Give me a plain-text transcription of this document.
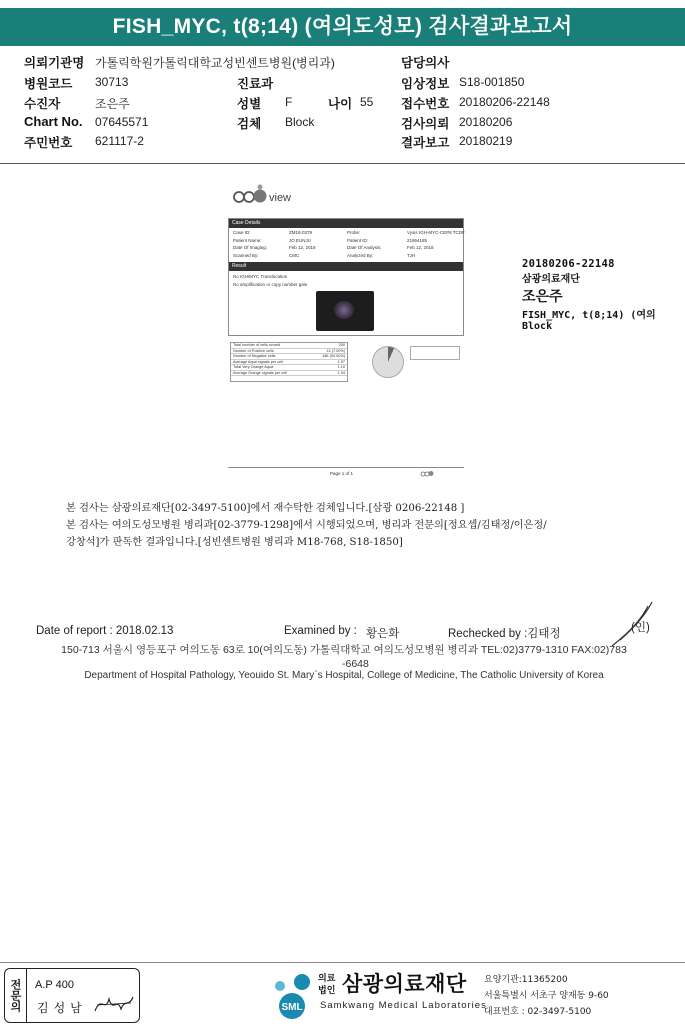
FISH_MYC, t(8;14) (여의도성모) 검사결과보고서
의뢰기관명 가톨릭학원가톨릭대학교성빈센트병원(병리과)	담당의사
병원코드 30713	진료과	임상정보 S18-001850
수진자	조은주	성별 F	나이 55 접수번호 20180206-22148
Chart No. 07645571	검체 Block	검사의뢰 20180206
주민번호 621117-2	결과보고 20180219
view
Case Details
Case ID:	ZM18-0379	Probe:	Vysis IGH-MYC-CEP8 TCDF
Patient Name:	JO EUNJU	Patient ID:	21864185
Date Of Imaging:	Feb 12, 2018	Date Of Analysis:	Feb 12, 2018
Scanned By:	CMC	Analyzed By:	TJH
Result
No IGH/MYC Translocation
No amplification or copy number gain
Total number of cells scored	200
Number of Positive cells	14 (7.00%)
Number of Negative cells	186 (93.00%)
Average Aqua signals per cell	1.97
Total Very Orange Aqua	1.10
Average Orange signals per cell	1.94
Page 1 of 1
20180206-22148
삼광의료재단
조은주
FISH_MYC, t(8;14) (여의
Block
본 검사는 삼광의료재단[02-3497-5100]에서 재수탁한 검체입니다.[삼광 0206-22148 ]
본 검사는 여의도성모병원 병리과[02-3779-1298]에서 시행되었으며, 병리과 전문의[정요셉/김태정/이은정/
강창석]가 판독한 결과입니다.[성빈센트병원 병리과 M18-768, S18-1850]
Date of report : 2018.02.13	Examined by : 황은화	Rechecked by :김태정	(인)
150-713 서울시 영등포구 여의도동 63로 10(여의도동) 가톨릭대학교 여의도성모병원 병리과 TEL:02)3779-1310 FAX:02)783
-6648
Department of Hospital Pathology, Yeouido St. Mary`s Hospital, College of Medicine, The Catholic University of Korea
전문의	A.P 400
김성남	SML
의료
법인 삼광의료재단
Samkwang Medical Laboratories
요양기관:11365200
서울특별시 서초구 양재동 9-60
대표번호 : 02-3497-5100
